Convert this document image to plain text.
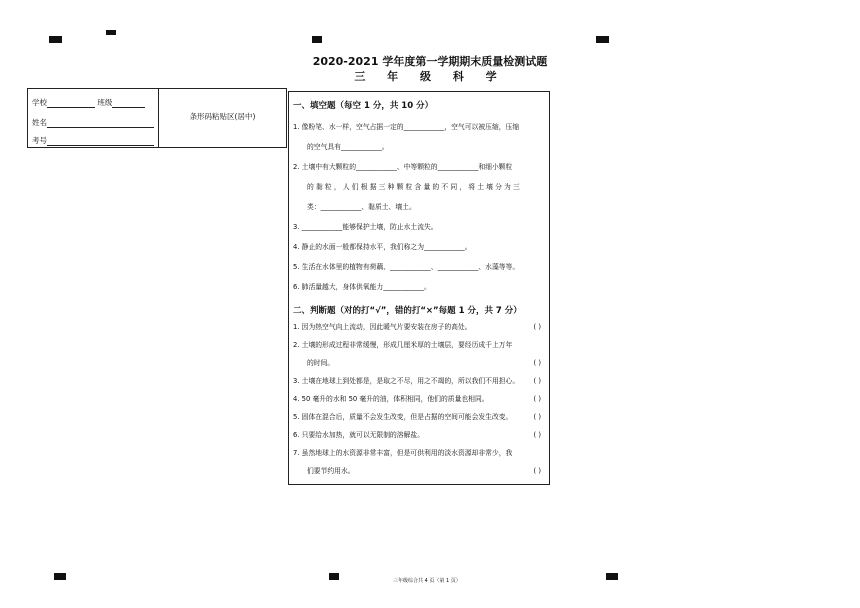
2020-2021 学年度第一学期期末质量检测试题
三 年 级 科 学
学校	班级
姓名
考号
条形码粘贴区(居中)
一、填空题（每空 1 分，共 10 分）
1. 像粉笔、水一样，空气占据一定的____________，空气可以被压缩，压缩
的空气具有____________。
2. 土壤中有大颗粒的____________、中等颗粒的____________和细小颗粒
的 黏 粒 ， 人 们 根 据 三 种 颗 粒 含 量 的 不 同 ， 将 土 壤 分 为 三
类：____________、黏质土、壤土。
3. ____________能够保护土壤，防止水土流失。
4. 静止的水面一般都保持水平，我们称之为____________。
5. 生活在水体里的植物有荷藕、____________、____________、水藻等等。
6. 肺活量越大，身体供氧能力____________。
二、判断题（对的打“√”，错的打“×”每题 1 分，共 7 分）
1. 因为热空气向上流动，因此暖气片要安装在房子的高处。	( )
2. 土壤的形成过程非常缓慢，形成几厘米厚的土壤层，要经历成千上万年
的时间。	( )
3. 土壤在地球上到处都是，是取之不尽，用之不竭的，所以我们不用担心。 ( )
4. 50 毫升的水和 50 毫升的油，体积相同，他们的质量也相同。	( )
5. 固体在混合后，质量不会发生改变，但是占据的空间可能会发生改变。	( )
6. 只要给水加热，就可以无限制的溶解盐。	( )
7. 虽然地球上的水资源非常丰富，但是可供利用的淡水资源却非常少，我
们要节约用水。	( )
三年级综合共 4 页（第 1 页）
